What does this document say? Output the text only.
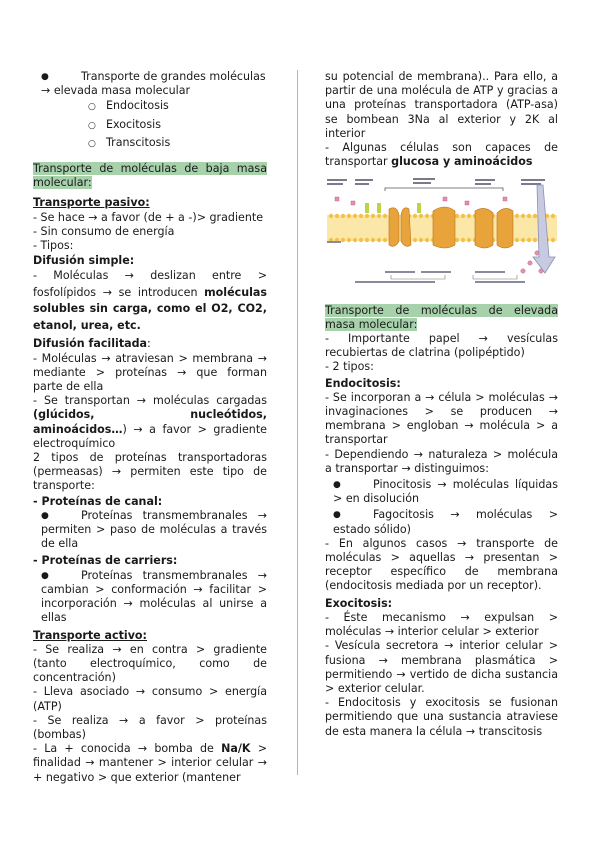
●	Transporte de grandes moléculas → elevada masa molecular
○ Endocitosis
○ Exocitosis
○ Transcitosis

Transporte de moléculas de baja masa molecular:

Transporte pasivo:

- Se hace → a favor (de + a -)> gradiente

- Sin consumo de energía

- Tipos:

Difusión simple:

- Moléculas → deslizan entre > fosfolípidos → se introducen moléculas solubles sin carga, como el O2, CO2, etanol, urea, etc.

Difusión facilitada:

- Moléculas → atraviesan > membrana → mediante > proteínas → que forman parte de ella

- Se transportan → moléculas cargadas (glúcidos, nucleótidos, aminoácidos…) → a favor > gradiente electroquímico

2 tipos de proteínas transportadoras (permeasas) → permiten este tipo de transporte:

- Proteínas de canal:

●	Proteínas transmembranales → permiten > paso de moléculas a través de ella

- Proteínas de carriers:

●	Proteínas transmembranales → cambian > conformación → facilitar > incorporación → moléculas al unirse a ellas

Transporte activo:

- Se realiza → en contra > gradiente (tanto electroquímico, como de concentración)

- Lleva asociado → consumo > energía (ATP)

- Se realiza → a favor > proteínas (bombas)

- La + conocida → bomba de Na/K > finalidad → mantener > interior celular → + negativo > que exterior (mantener

su potencial de membrana).. Para ello, a partir de una molécula de ATP y gracias a una proteínas transportadora (ATP-asa) se bombean 3Na al exterior y 2K al interior

- Algunas células son capaces de transportar glucosa y aminoácidos

Transporte de moléculas de elevada masa molecular:

- Importante papel → vesículas recubiertas de clatrina (polipéptido)

- 2 tipos:

Endocitosis:

- Se incorporan a → célula > moléculas → invaginaciones > se producen → membrana > engloban → molécula > a transportar

- Dependiendo → naturaleza > molécula a transportar → distinguimos:

●	Pinocitosis → moléculas líquidas > en disolución
●	Fagocitosis → moléculas > estado sólido)

- En algunos casos → transporte de moléculas > aquellas → presentan > receptor específico de membrana (endocitosis mediada por un receptor).

Exocitosis:

- Éste mecanismo → expulsan > moléculas → interior celular > exterior

- Vesícula secretora → interior celular > fusiona → membrana plasmática > permitiendo → vertido de dicha sustancia > exterior celular.

- Endocitosis y exocitosis se fusionan permitiendo que una sustancia atraviese de esta manera la célula → transcitosis
